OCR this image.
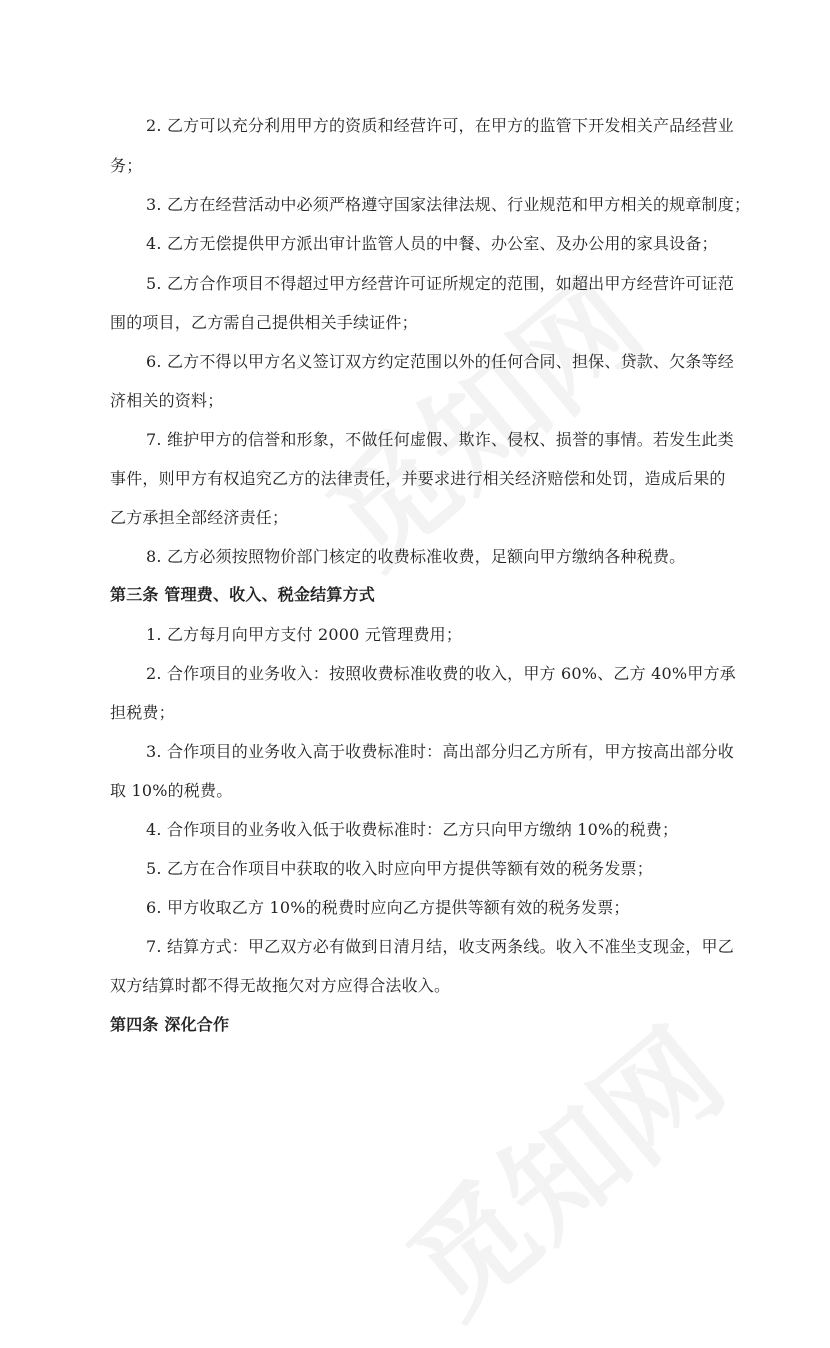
2. 乙方可以充分利用甲方的资质和经营许可，在甲方的监管下开发相关产品经营业
务；
3. 乙方在经营活动中必须严格遵守国家法律法规、行业规范和甲方相关的规章制度；
4. 乙方无偿提供甲方派出审计监管人员的中餐、办公室、及办公用的家具设备；
5. 乙方合作项目不得超过甲方经营许可证所规定的范围，如超出甲方经营许可证范
围的项目，乙方需自己提供相关手续证件；
6. 乙方不得以甲方名义签订双方约定范围以外的任何合同、担保、贷款、欠条等经
济相关的资料；
7. 维护甲方的信誉和形象，不做任何虚假、欺诈、侵权、损誉的事情。若发生此类
事件，则甲方有权追究乙方的法律责任，并要求进行相关经济赔偿和处罚，造成后果的
乙方承担全部经济责任；
8. 乙方必须按照物价部门核定的收费标准收费，足额向甲方缴纳各种税费。
第三条 管理费、收入、税金结算方式
1. 乙方每月向甲方支付 2000 元管理费用；
2. 合作项目的业务收入：按照收费标准收费的收入，甲方 60%、乙方 40%甲方承
担税费；
3. 合作项目的业务收入高于收费标准时：高出部分归乙方所有，甲方按高出部分收
取 10%的税费。
4. 合作项目的业务收入低于收费标准时：乙方只向甲方缴纳 10%的税费；
5. 乙方在合作项目中获取的收入时应向甲方提供等额有效的税务发票；
6. 甲方收取乙方 10%的税费时应向乙方提供等额有效的税务发票；
7. 结算方式：甲乙双方必有做到日清月结，收支两条线。收入不准坐支现金，甲乙
双方结算时都不得无故拖欠对方应得合法收入。
第四条 深化合作
